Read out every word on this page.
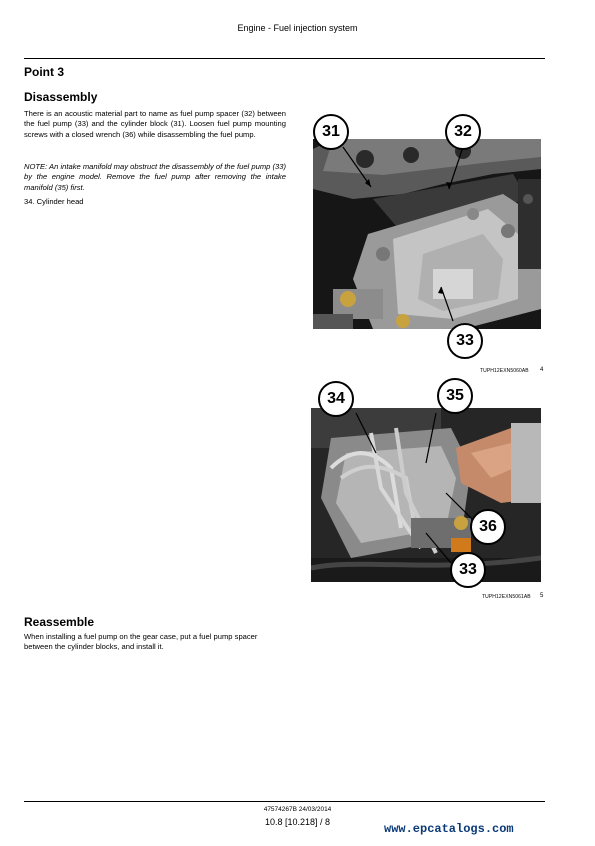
Engine - Fuel injection system
Point 3
Disassembly
There is an acoustic material part to name as fuel pump spacer (32) between the fuel pump (33) and the cylinder block (31). Loosen fuel pump mounting screws with a closed wrench (36) while disassembling the fuel pump.
NOTE: An intake manifold may obstruct the disassembly of the fuel pump (33) by the engine model. Remove the fuel pump after removing the intake manifold (35) first.
34. Cylinder head
31	32
33
TUPH12EXN5060AB 4
34	35
36
33
TUPH12EXN5061AB 5
Reassemble
When installing a fuel pump on the gear case, put a fuel pump spacer between the cylinder blocks, and install it.
47574267B 24/03/2014
10.8 [10.218] / 8	www.epcatalogs.com
